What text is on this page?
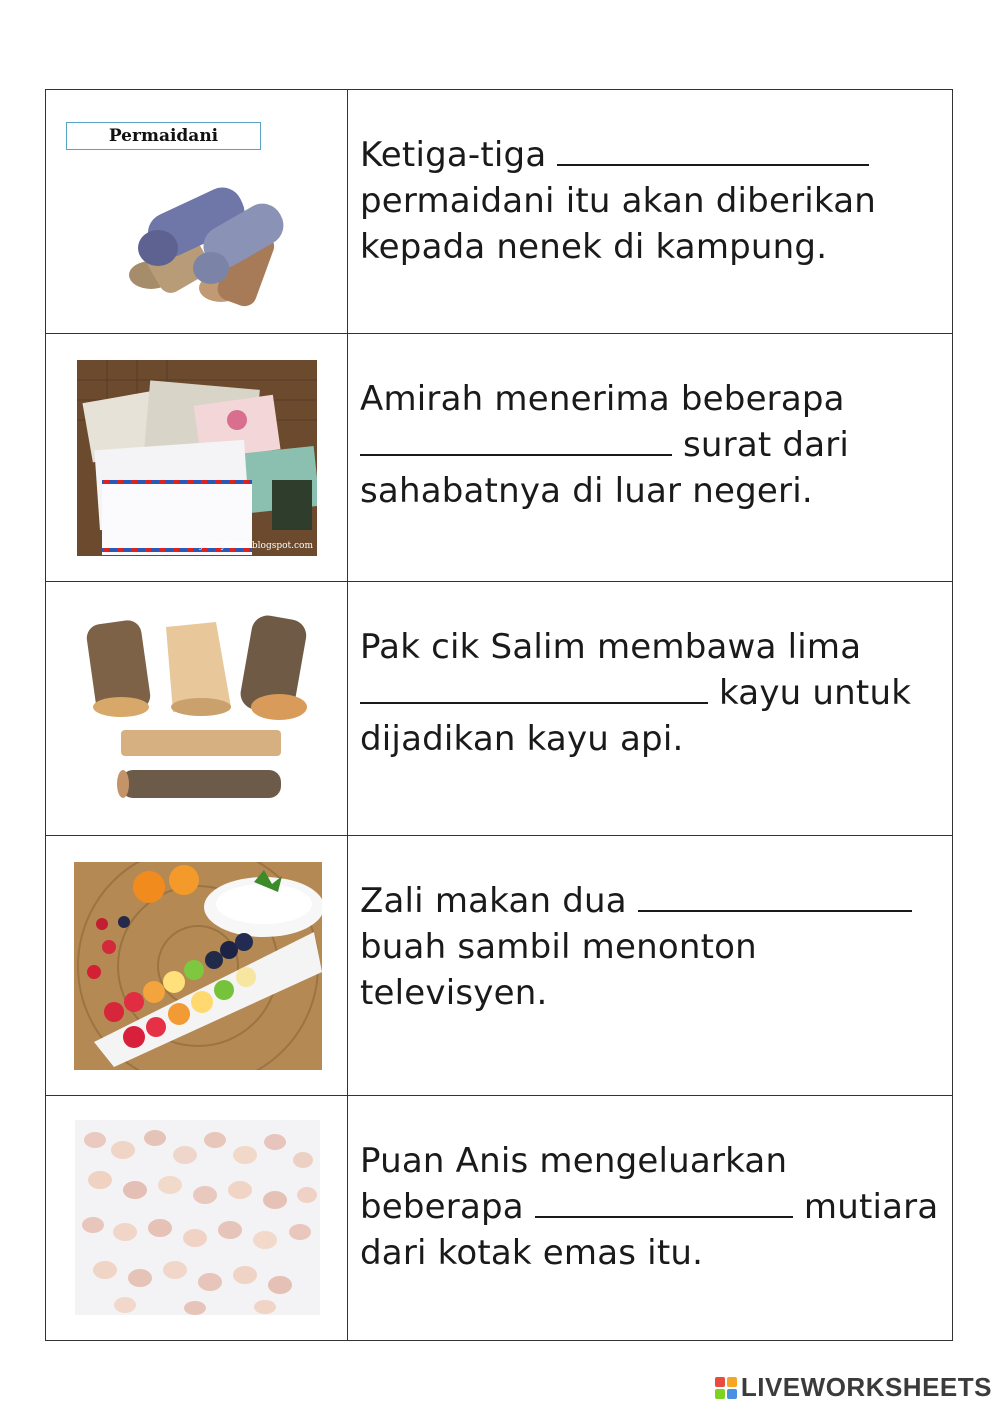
Permaidani	Ketiga-tiga  permaidani itu akan diberikan kepada nenek di kampung.
yanayassin.blogspot.com
Amirah menerima beberapa  surat dari sahabatnya di luar negeri.
Pak cik Salim membawa lima  kayu untuk dijadikan kayu api.
Zali makan dua  buah sambil menonton televisyen.
Puan Anis mengeluarkan beberapa	mutiara dari kotak emas itu.
LIVEWORKSHEETS
